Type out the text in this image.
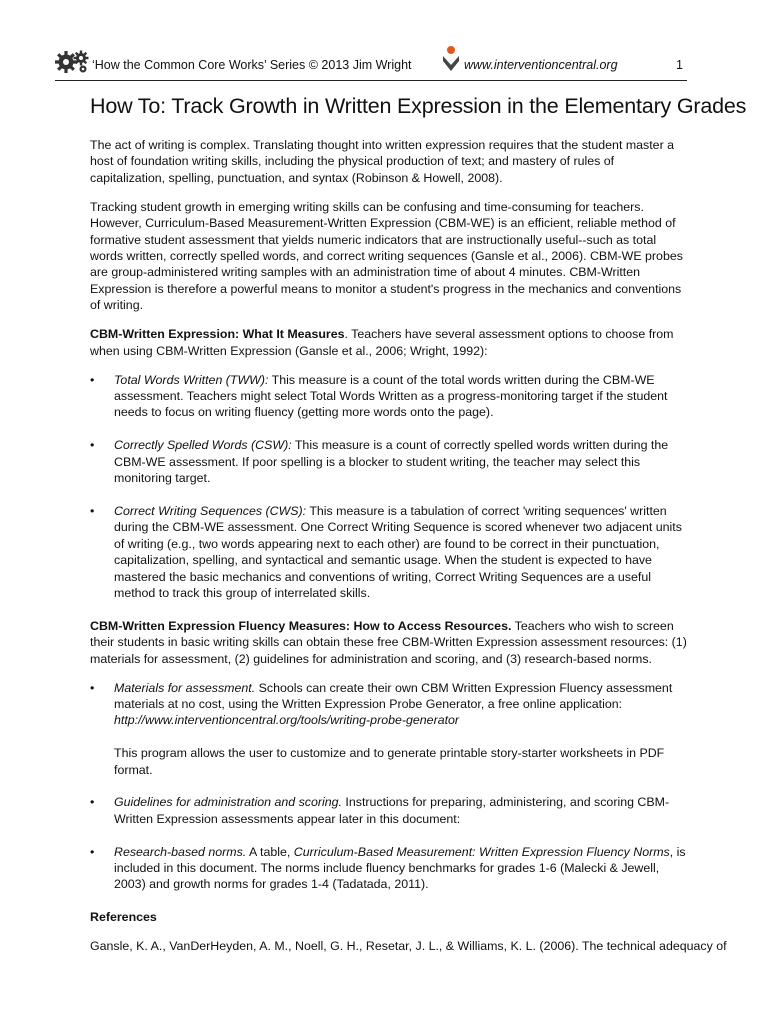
‘How the Common Core Works’ Series © 2013 Jim Wright	www.interventioncentral.org	1
How To: Track Growth in Written Expression in the Elementary Grades

The act of writing is complex. Translating thought into written expression requires that the student master a host of foundation writing skills, including the physical production of text; and mastery of rules of capitalization, spelling, punctuation, and syntax (Robinson & Howell, 2008).

Tracking student growth in emerging writing skills can be confusing and time-consuming for teachers. However, Curriculum-Based Measurement-Written Expression (CBM-WE) is an efficient, reliable method of formative student assessment that yields numeric indicators that are instructionally useful--such as total words written, correctly spelled words, and correct writing sequences (Gansle et al., 2006). CBM-WE probes are group-administered writing samples with an administration time of about 4 minutes. CBM-Written Expression is therefore a powerful means to monitor a student's progress in the mechanics and conventions of writing.

CBM-Written Expression: What It Measures. Teachers have several assessment options to choose from when using CBM-Written Expression (Gansle et al., 2006; Wright, 1992):

• Total Words Written (TWW): This measure is a count of the total words written during the CBM-WE assessment. Teachers might select Total Words Written as a progress-monitoring target if the student needs to focus on writing fluency (getting more words onto the page).
• Correctly Spelled Words (CSW): This measure is a count of correctly spelled words written during the CBM-WE assessment. If poor spelling is a blocker to student writing, the teacher may select this monitoring target.
• Correct Writing Sequences (CWS): This measure is a tabulation of correct 'writing sequences' written during the CBM-WE assessment. One Correct Writing Sequence is scored whenever two adjacent units of writing (e.g., two words appearing next to each other) are found to be correct in their punctuation, capitalization, spelling, and syntactical and semantic usage. When the student is expected to have mastered the basic mechanics and conventions of writing, Correct Writing Sequences are a useful method to track this group of interrelated skills.

CBM-Written Expression Fluency Measures: How to Access Resources. Teachers who wish to screen their students in basic writing skills can obtain these free CBM-Written Expression assessment resources: (1) materials for assessment, (2) guidelines for administration and scoring, and (3) research-based norms.

• Materials for assessment. Schools can create their own CBM Written Expression Fluency assessment materials at no cost, using the Written Expression Probe Generator, a free online application:
http://www.interventioncentral.org/tools/writing-probe-generator
This program allows the user to customize and to generate printable story-starter worksheets in PDF format.
• Guidelines for administration and scoring. Instructions for preparing, administering, and scoring CBM-Written Expression assessments appear later in this document:
• Research-based norms. A table, Curriculum-Based Measurement: Written Expression Fluency Norms, is included in this document. The norms include fluency benchmarks for grades 1-6 (Malecki & Jewell, 2003) and growth norms for grades 1-4 (Tadatada, 2011).

References

Gansle, K. A., VanDerHeyden, A. M., Noell, G. H., Resetar, J. L., & Williams, K. L. (2006). The technical adequacy of
